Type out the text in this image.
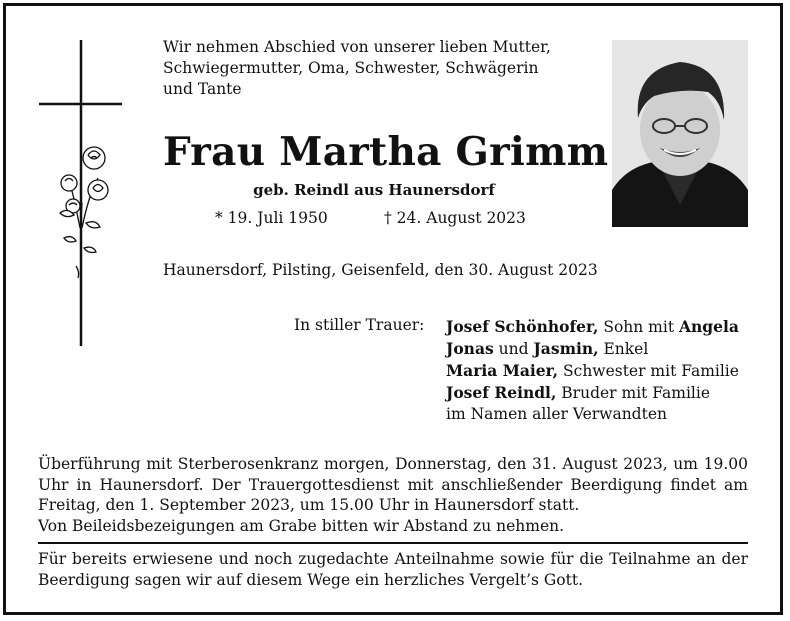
Wir nehmen Abschied von unserer lieben Mutter,
Schwiegermutter, Oma, Schwester, Schwägerin
und Tante
Frau Martha Grimm
geb. Reindl aus Haunersdorf
* 19. Juli 1950	† 24. August 2023
Haunersdorf, Pilsting, Geisenfeld, den 30. August 2023
In stiller Trauer: Josef Schönhofer, Sohn mit Angela
Jonas und Jasmin, Enkel
Maria Maier, Schwester mit Familie
Josef Reindl, Bruder mit Familie
im Namen aller Verwandten
Überführung mit Sterberosenkranz morgen, Donnerstag, den 31. August 2023, um 19.00 Uhr in Haunersdorf. Der Trauergottesdienst mit anschließender Beerdigung findet am Freitag, den 1. September 2023, um 15.00 Uhr in Haunersdorf statt.
Von Beileidsbezeigungen am Grabe bitten wir Abstand zu nehmen.
Für bereits erwiesene und noch zugedachte Anteilnahme sowie für die Teilnahme an der Beerdigung sagen wir auf diesem Wege ein herzliches Vergelt’s Gott.
